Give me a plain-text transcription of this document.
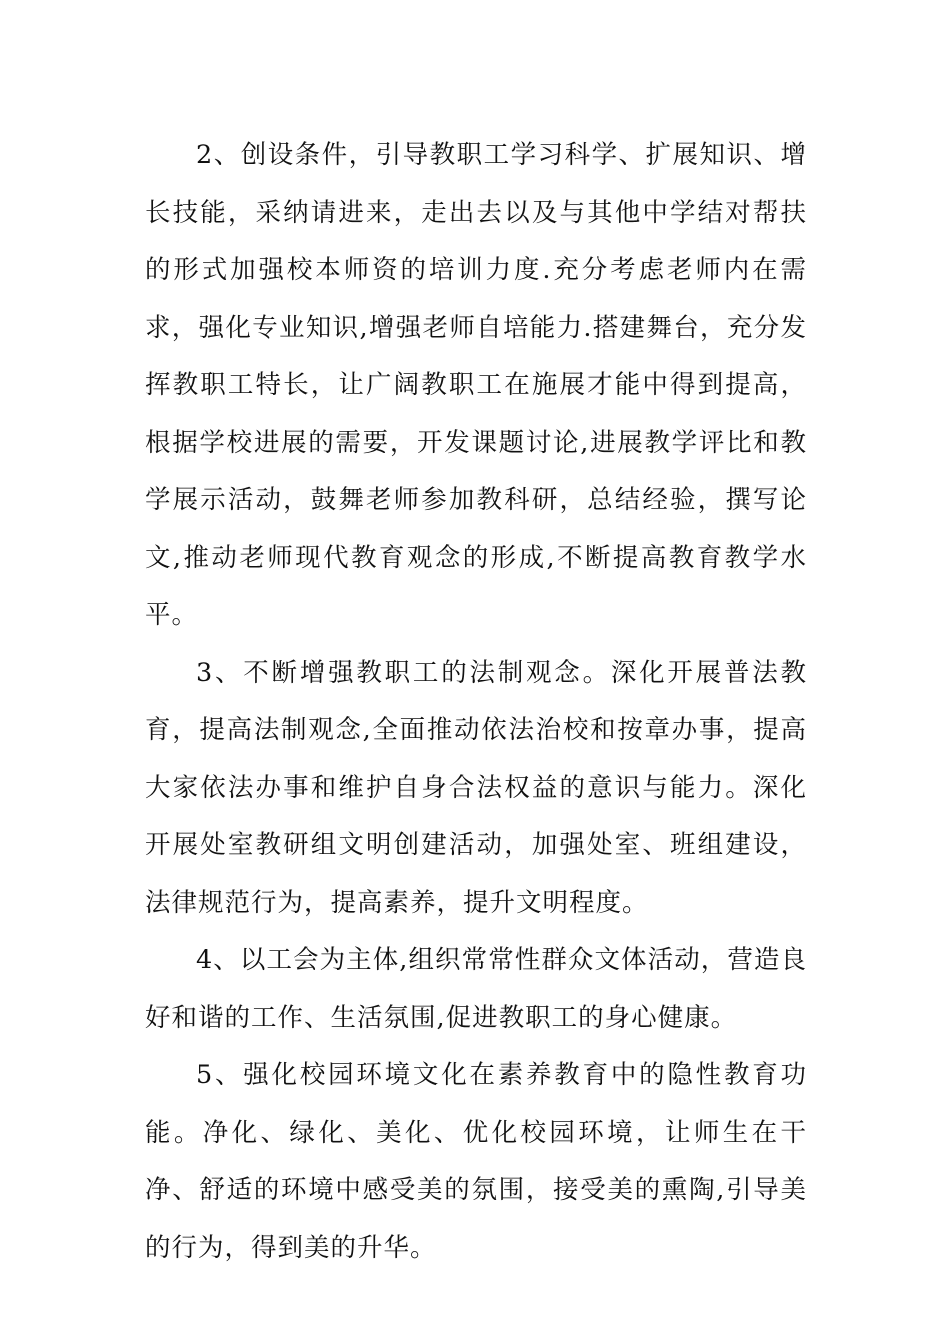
2、创设条件，引导教职工学习科学、扩展知识、增长技能，采纳请进来，走出去以及与其他中学结对帮扶的形式加强校本师资的培训力度.充分考虑老师内在需求，强化专业知识,增强老师自培能力.搭建舞台，充分发挥教职工特长，让广阔教职工在施展才能中得到提高，根据学校进展的需要，开发课题讨论,进展教学评比和教学展示活动，鼓舞老师参加教科研，总结经验，撰写论文,推动老师现代教育观念的形成,不断提高教育教学水平。

3、不断增强教职工的法制观念。深化开展普法教育，提高法制观念,全面推动依法治校和按章办事，提高大家依法办事和维护自身合法权益的意识与能力。深化开展处室教研组文明创建活动，加强处室、班组建设，法律规范行为，提高素养，提升文明程度。

4、以工会为主体,组织常常性群众文体活动，营造良好和谐的工作、生活氛围,促进教职工的身心健康。

5、强化校园环境文化在素养教育中的隐性教育功能。净化、绿化、美化、优化校园环境，让师生在干净、舒适的环境中感受美的氛围，接受美的熏陶,引导美的行为，得到美的升华。
